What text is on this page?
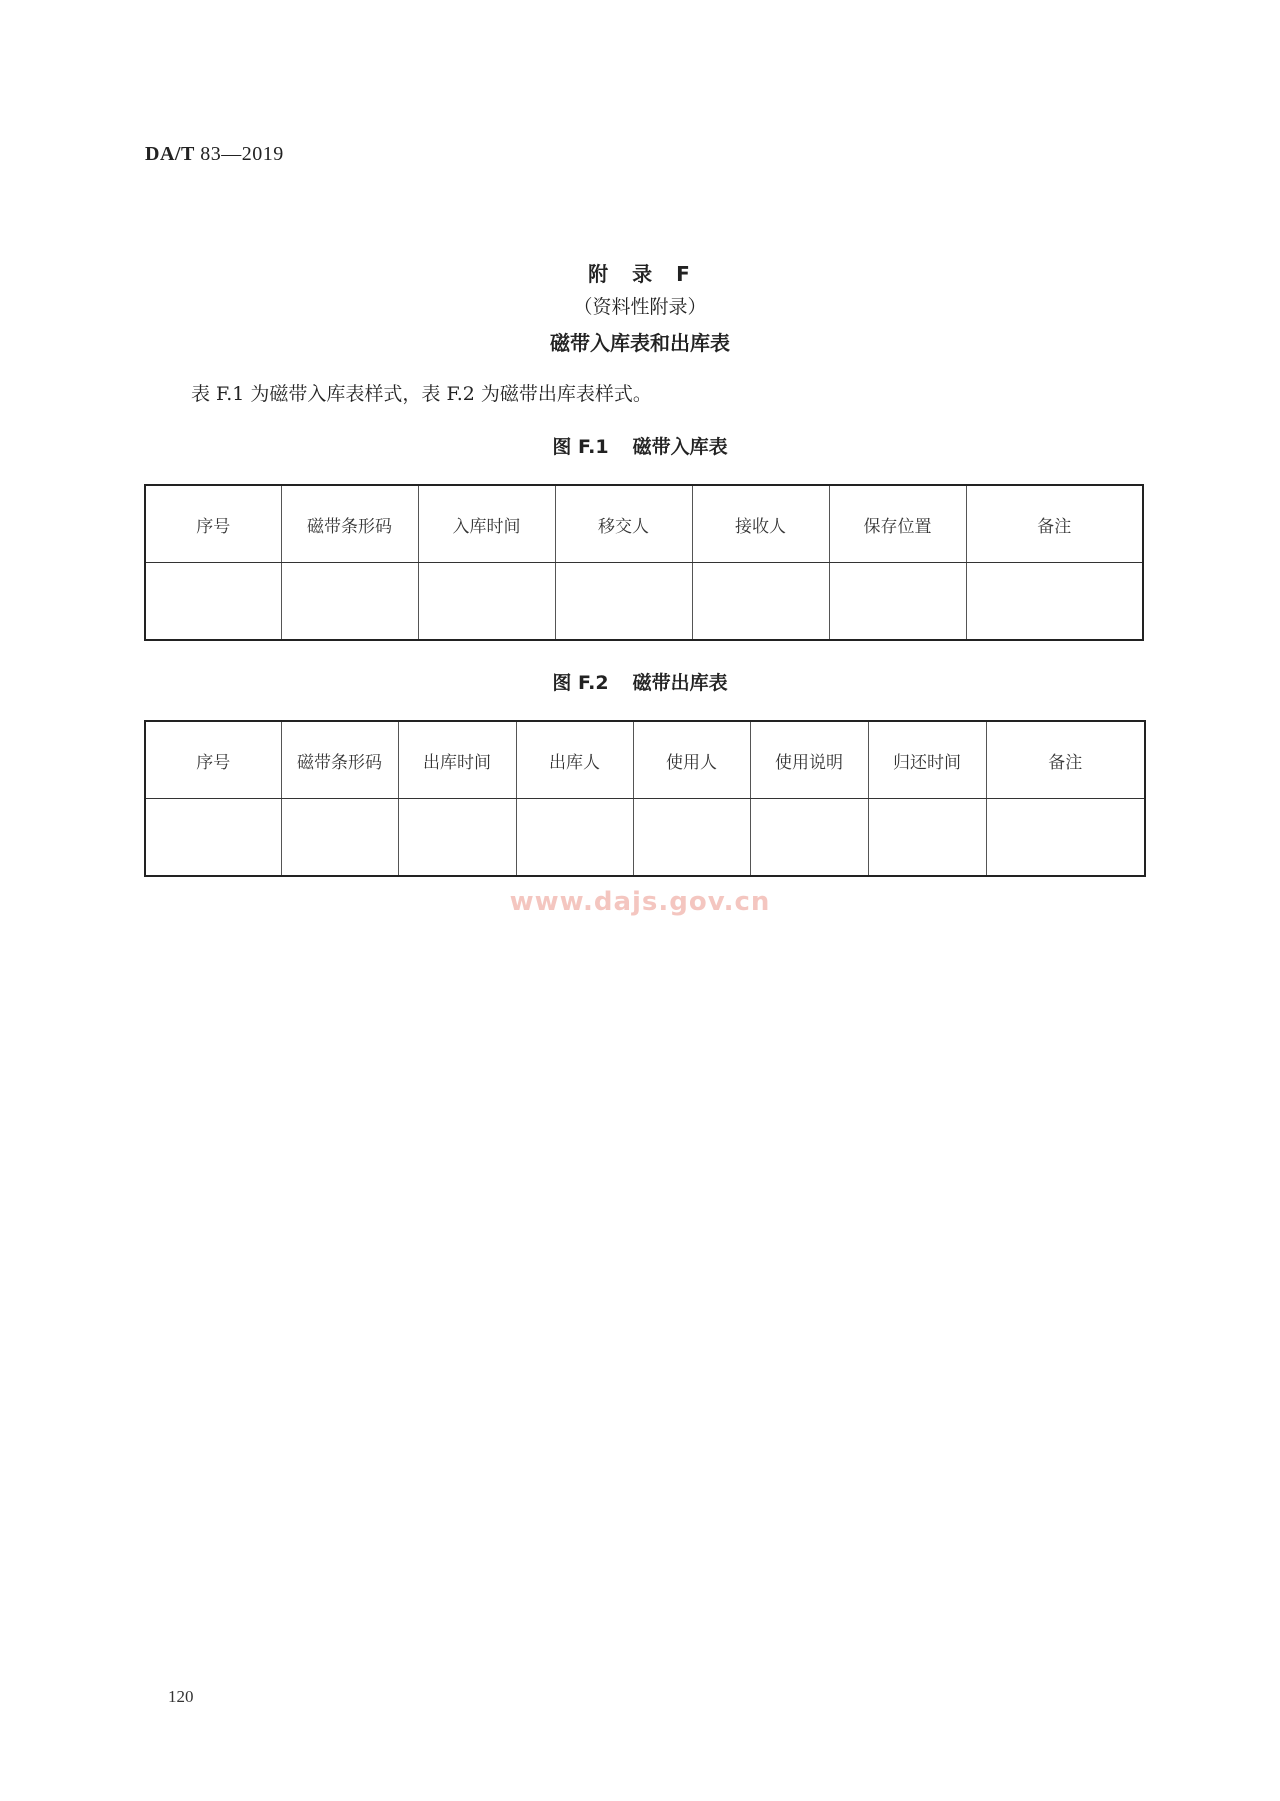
DA/T 83—2019
附　录　F
（资料性附录）
磁带入库表和出库表
表 F.1 为磁带入库表样式，表 F.2 为磁带出库表样式。
图 F.1 磁带入库表
序号	磁带条形码	入库时间	移交人	接收人	保存位置	备注

图 F.2 磁带出库表
序号	磁带条形码	出库时间	出库人	使用人	使用说明	归还时间	备注

www.dajs.gov.cn
120
